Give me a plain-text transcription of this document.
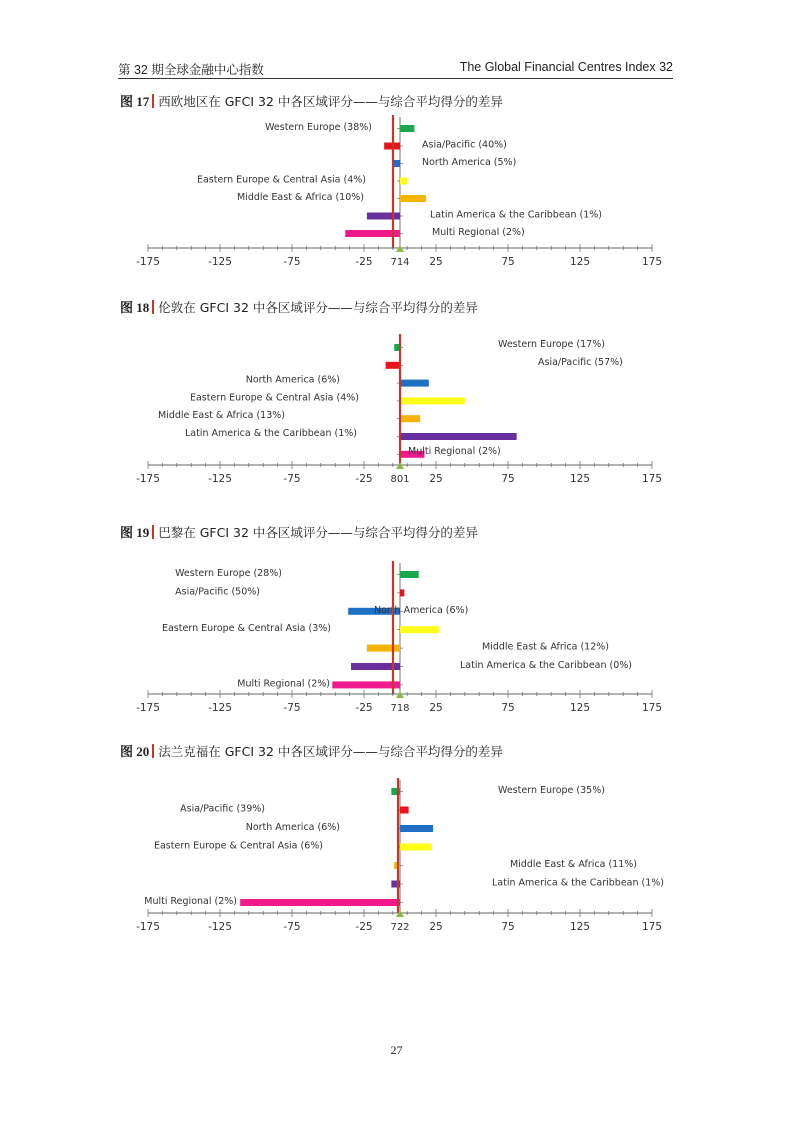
第 32 期全球金融中心指数	The Global Financial Centres Index 32
图 17 西欧地区在 GFCI 32 中各区域评分——与综合平均得分的差异
Western Europe (38%)
Asia/Pacific (40%)
North America (5%)
Eastern Europe & Central Asia (4%)
Middle East & Africa (10%)
Latin America & the Caribbean (1%)
Multi Regional (2%)
-175	-125	-75	-25 714 25	75	125	175
图 18 伦敦在 GFCI 32 中各区域评分——与综合平均得分的差异
Western Europe (17%)
Asia/Pacific (57%)
North America (6%)
Eastern Europe & Central Asia (4%)
Middle East & Africa (13%)
Latin America & the Caribbean (1%)
Multi Regional (2%)
-175	-125	-75	-25 801 25	75	125	175
图 19 巴黎在 GFCI 32 中各区域评分——与综合平均得分的差异
Western Europe (28%)
Asia/Pacific (50%)
North America (6%)
Eastern Europe & Central Asia (3%)
Middle East & Africa (12%)
Latin America & the Caribbean (0%)
Multi Regional (2%)
-175	-125	-75	-25 718 25	75	125	175
图 20 法兰克福在 GFCI 32 中各区域评分——与综合平均得分的差异
Western Europe (35%)
Asia/Pacific (39%)
North America (6%)
Eastern Europe & Central Asia (6%)
Middle East & Africa (11%)
Latin America & the Caribbean (1%)
Multi Regional (2%)
-175	-125	-75	-25 722 25	75	125	175
27
